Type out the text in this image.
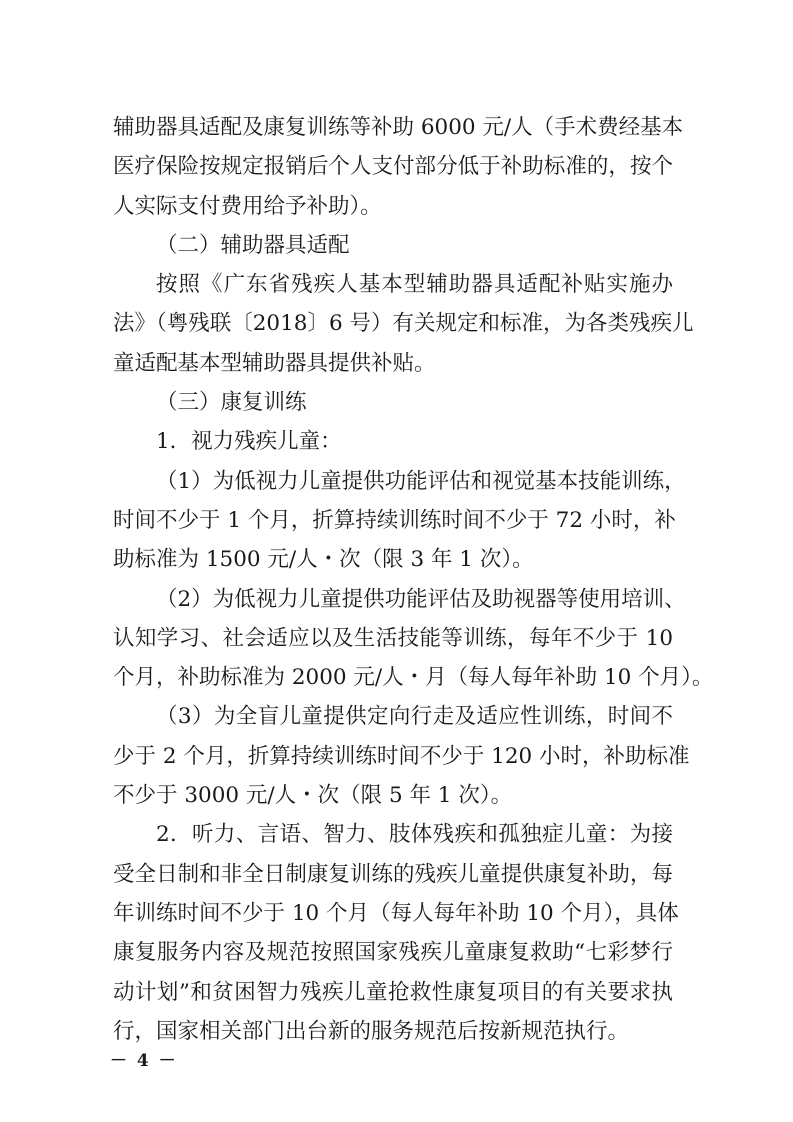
辅助器具适配及康复训练等补助 6000 元/人（手术费经基本
医疗保险按规定报销后个人支付部分低于补助标准的，按个
人实际支付费用给予补助）。
（二）辅助器具适配
按照《广东省残疾人基本型辅助器具适配补贴实施办
法》（粤残联〔2018〕6 号）有关规定和标准，为各类残疾儿
童适配基本型辅助器具提供补贴。
（三）康复训练
1．视力残疾儿童：
（1）为低视力儿童提供功能评估和视觉基本技能训练，
时间不少于 1 个月，折算持续训练时间不少于 72 小时，补
助标准为 1500 元/人・次（限 3 年 1 次）。
（2）为低视力儿童提供功能评估及助视器等使用培训、
认知学习、社会适应以及生活技能等训练，每年不少于 10
个月，补助标准为 2000 元/人・月（每人每年补助 10 个月）。
（3）为全盲儿童提供定向行走及适应性训练，时间不
少于 2 个月，折算持续训练时间不少于 120 小时，补助标准
不少于 3000 元/人・次（限 5 年 1 次）。
2．听力、言语、智力、肢体残疾和孤独症儿童：为接
受全日制和非全日制康复训练的残疾儿童提供康复补助，每
年训练时间不少于 10 个月（每人每年补助 10 个月），具体
康复服务内容及规范按照国家残疾儿童康复救助“七彩梦行
动计划”和贫困智力残疾儿童抢救性康复项目的有关要求执
行，国家相关部门出台新的服务规范后按新规范执行。
－ 4 －
